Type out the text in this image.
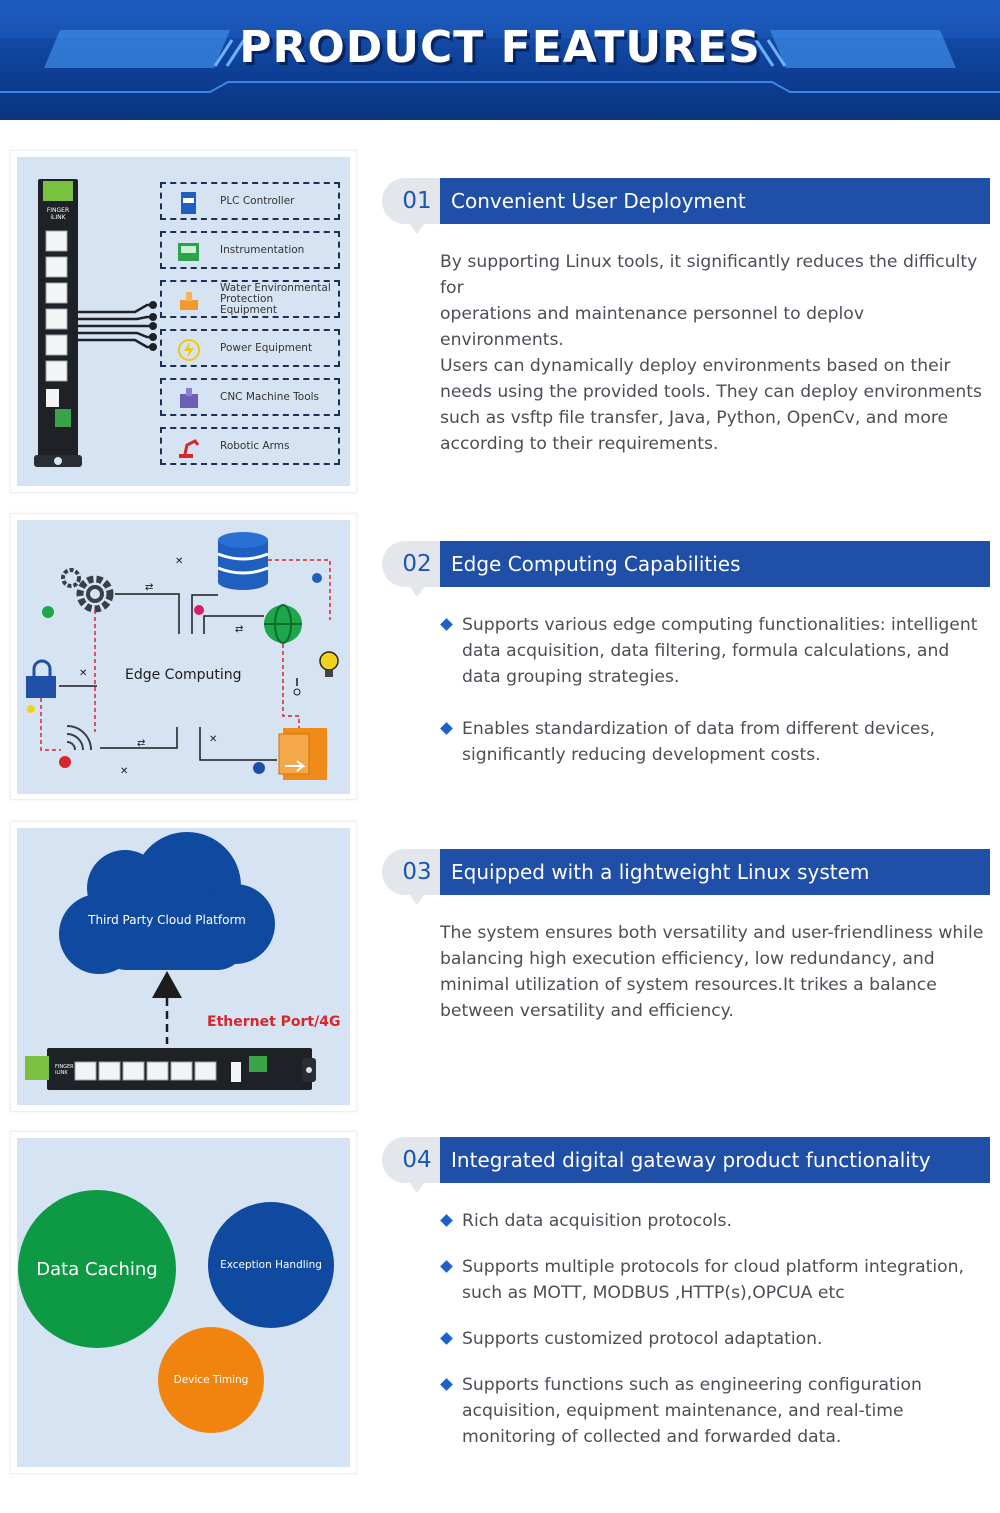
PRODUCT FEATURES
FINGER iLINK
PLC Controller
Instrumentation
Water Environmental Protection Equipment
Power Equipment
CNC Machine Tools
Robotic Arms
01 Convenient User Deployment
By supporting Linux tools, it significantly reduces the difficulty for
operations and maintenance personnel to deplov environments.
Users can dynamically deploy environments based on their
needs using the provided tools. They can deploy environments
such as vsftp file transfer, Java, Python, OpenCv, and more
according to their requirements.
⇄
⇄
⇄
✕
✕
✕
✕
Edge Computing
02 Edge Computing Capabilities
Supports various edge computing functionalities: intelligent
data acquisition, data filtering, formula calculations, and
data grouping strategies.
Enables standardization of data from different devices,
significantly reducing development costs.
Third Party Cloud Platform
Ethernet Port/4G
FINGER iLINK
03 Equipped with a lightweight Linux system
The system ensures both versatility and user-friendliness while
balancing high execution efficiency, low redundancy, and
minimal utilization of system resources.It trikes a balance
between versatility and efficiency.
Data Caching	Exception Handling
Device Timing
04 Integrated digital gateway product functionality
Rich data acquisition protocols.
Supports multiple protocols for cloud platform integration,
such as MOTT, MODBUS ,HTTP(s),OPCUA etc
Supports customized protocol adaptation.
Supports functions such as engineering configuration
acquisition, equipment maintenance, and real-time
monitoring of collected and forwarded data.
